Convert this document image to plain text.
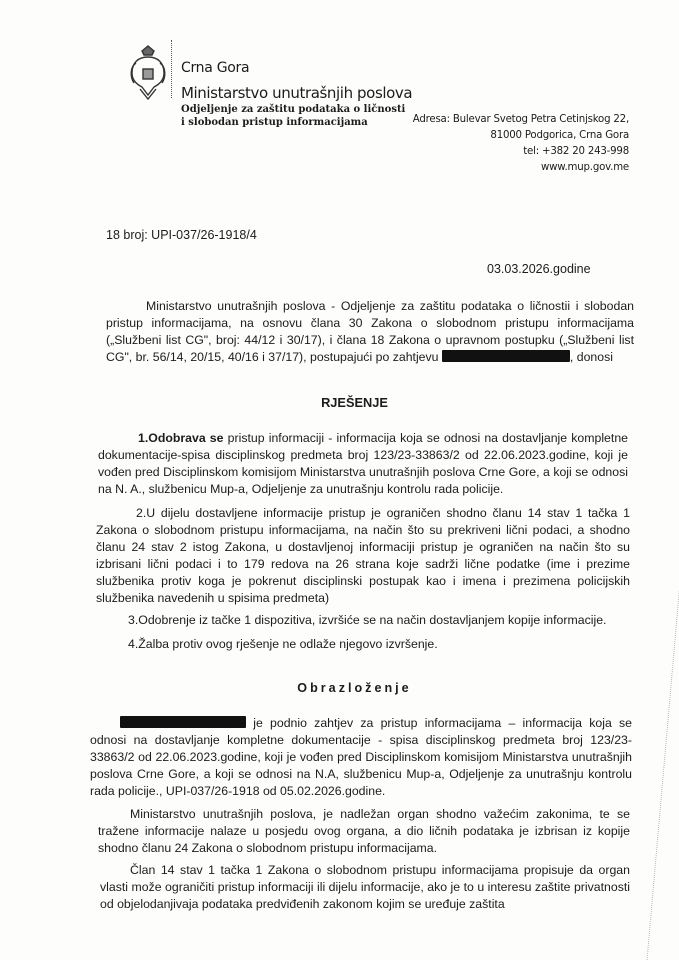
Crna Gora
Ministarstvo unutrašnjih poslova
Odjeljenje za zaštitu podataka o ličnosti
i slobodan pristup informacijama	Adresa: Bulevar Svetog Petra Cetinjskog 22,
81000 Podgorica, Crna Gora
tel: +382 20 243-998
www.mup.gov.me
18 broj: UPI-037/26-1918/4
03.03.2026.godine
Ministarstvo unutrašnjih poslova - Odjeljenje za zaštitu podataka o ličnostii i slobodan pristup informacijama, na osnovu člana 30 Zakona o slobodnom pristupu informacijama („Službeni list CG", broj: 44/12 i 30/17), i člana 18 Zakona o upravnom postupku („Službeni list CG", br. 56/14, 20/15, 40/16 i 37/17), postupajući po zahtjevu	, donosi
RJEŠENJE
1.Odobrava se pristup informaciji - informacija koja se odnosi na dostavljanje kompletne dokumentacije-spisa disciplinskog predmeta broj 123/23-33863/2 od 22.06.2023.godine, koji je vođen pred Disciplinskom komisijom Ministarstva unutrašnjih poslova Crne Gore, a koji se odnosi na N. A., službenicu Mup-a, Odjeljenje za unutrašnju kontrolu rada policije.
2.U dijelu dostavljene informacije pristup je ograničen shodno članu 14 stav 1 tačka 1 Zakona o slobodnom pristupu informacijama, na način što su prekriveni lični podaci, a shodno članu 24 stav 2 istog Zakona, u dostavljenoj informaciji pristup je ograničen na način što su izbrisani lični podaci i to 179 redova na 26 strana koje sadrži lične podatke (ime i prezime službenika protiv koga je pokrenut disciplinski postupak kao i imena i prezimena policijskih službenika navedenih u spisima predmeta)
3.Odobrenje iz tačke 1 dispozitiva, izvršiće se na način dostavljanjem kopije informacije.
4.Žalba protiv ovog rješenje ne odlaže njegovo izvršenje.
Obrazloženje
je podnio zahtjev za pristup informacijama – informacija koja se odnosi na dostavljanje kompletne dokumentacije - spisa disciplinskog predmeta broj 123/23-33863/2 od 22.06.2023.godine, koji je vođen pred Disciplinskom komisijom Ministarstva unutrašnjih poslova Crne Gore, a koji se odnosi na N.A, službenicu Mup-a, Odjeljenje za unutrašnju kontrolu rada policije., UPI-037/26-1918 od 05.02.2026.godine.
Ministarstvo unutrašnjih poslova, je nadležan organ shodno važećim zakonima, te se tražene informacije nalaze u posjedu ovog organa, a dio ličnih podataka je izbrisan iz kopije shodno članu 24 Zakona o slobodnom pristupu informacijama.
Član 14 stav 1 tačka 1 Zakona o slobodnom pristupu informacijama propisuje da organ vlasti može ograničiti pristup informaciji ili dijelu informacije, ako je to u interesu zaštite privatnosti od objelodanjivaja podataka predviđenih zakonom kojim se uređuje zaštita
